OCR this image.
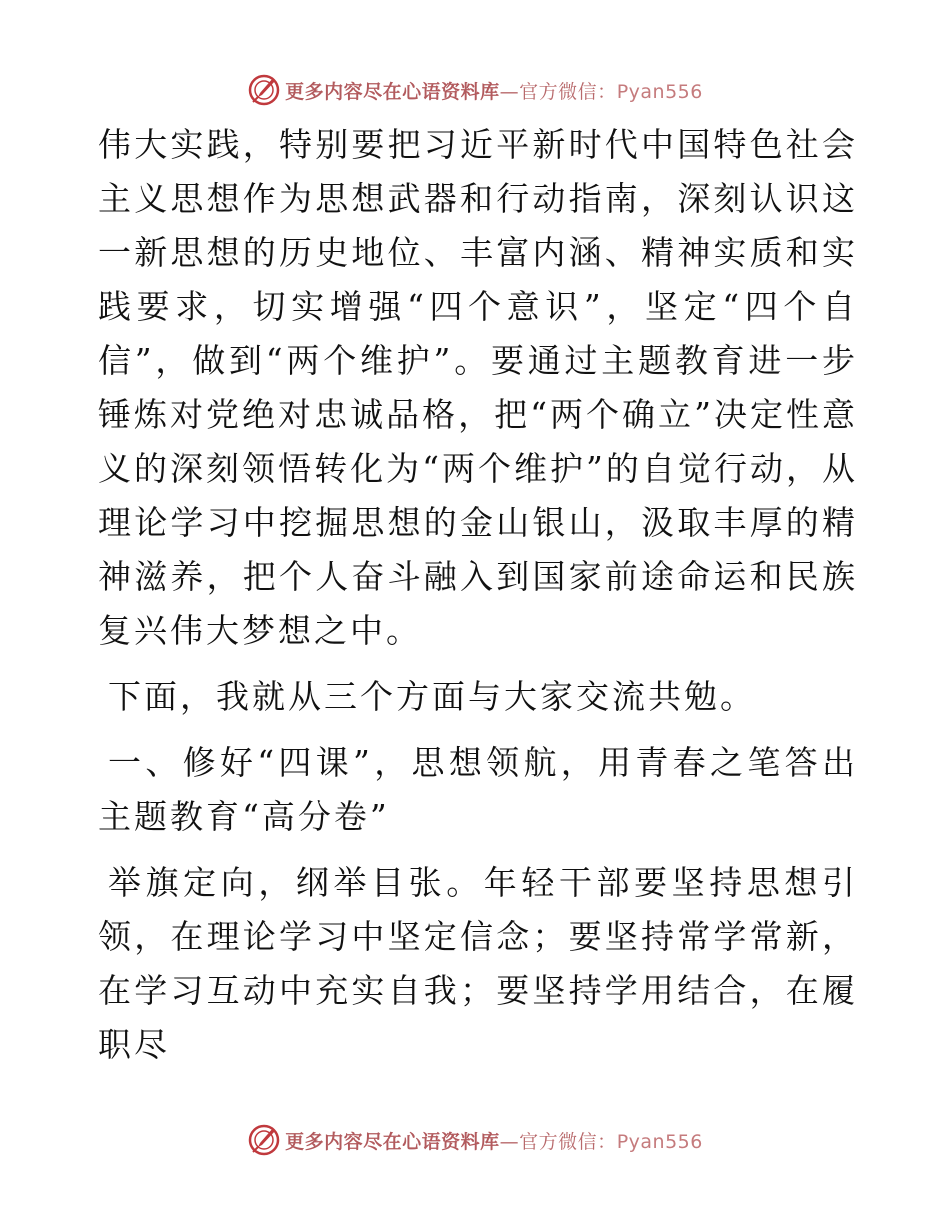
更多内容尽在心语资料库—官方微信：Pyan556

伟大实践，特别要把习近平新时代中国特色社会主义思想作为思想武器和行动指南，深刻认识这一新思想的历史地位、丰富内涵、精神实质和实践要求，切实增强“四个意识”，坚定“四个自信”，做到“两个维护”。要通过主题教育进一步锤炼对党绝对忠诚品格，把“两个确立”决定性意义的深刻领悟转化为“两个维护”的自觉行动，从理论学习中挖掘思想的金山银山，汲取丰厚的精神滋养，把个人奋斗融入到国家前途命运和民族复兴伟大梦想之中。

下面，我就从三个方面与大家交流共勉。

一、修好“四课”，思想领航，用青春之笔答出主题教育“高分卷”

举旗定向，纲举目张。年轻干部要坚持思想引领，在理论学习中坚定信念；要坚持常学常新，在学习互动中充实自我；要坚持学用结合，在履职尽

更多内容尽在心语资料库—官方微信：Pyan556
